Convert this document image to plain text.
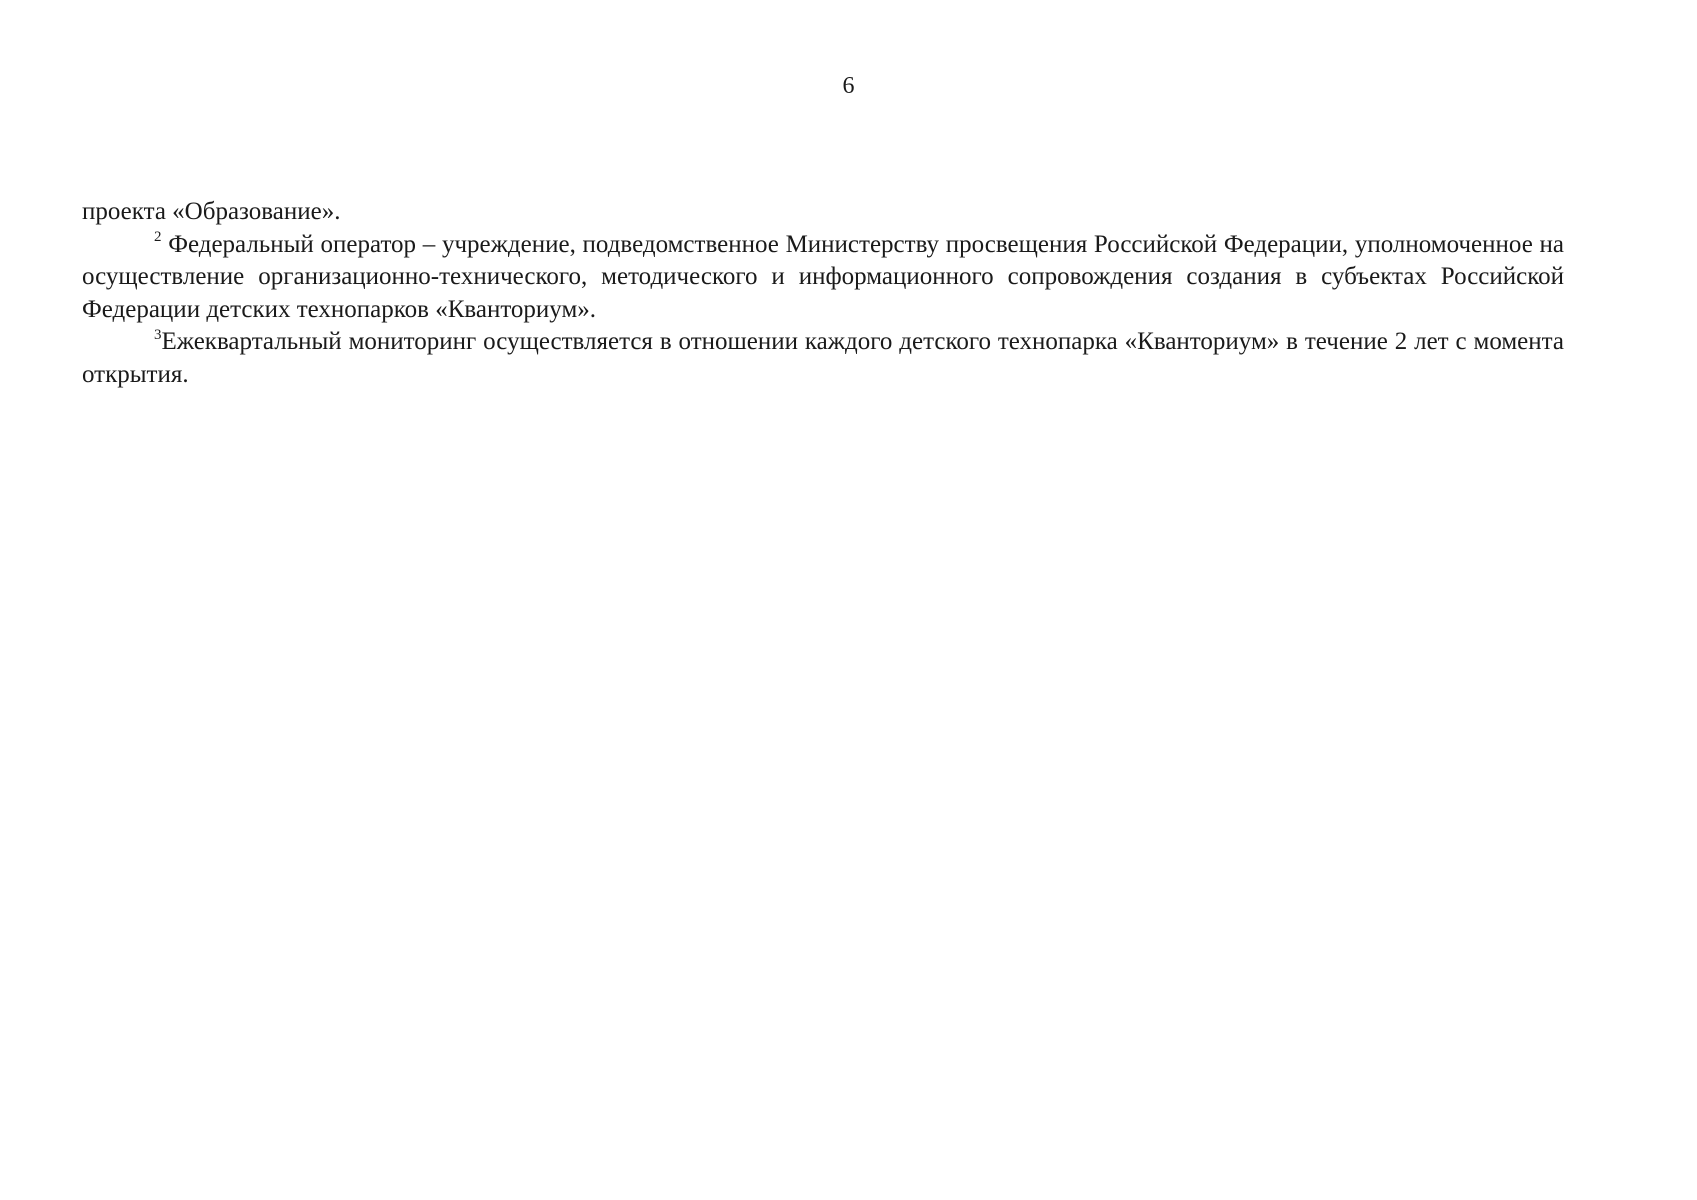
6

проекта «Образование».

$^2$ Федеральный оператор – учреждение, подведомственное Министерству просвещения Российской Федерации, уполномоченное на осуществление организационно-технического, методического и информационного сопровождения создания в субъектах Российской Федерации детских технопарков «Кванториум».

$^3$Ежеквартальный мониторинг осуществляется в отношении каждого детского технопарка «Кванториум» в течение 2 лет с момента открытия.
